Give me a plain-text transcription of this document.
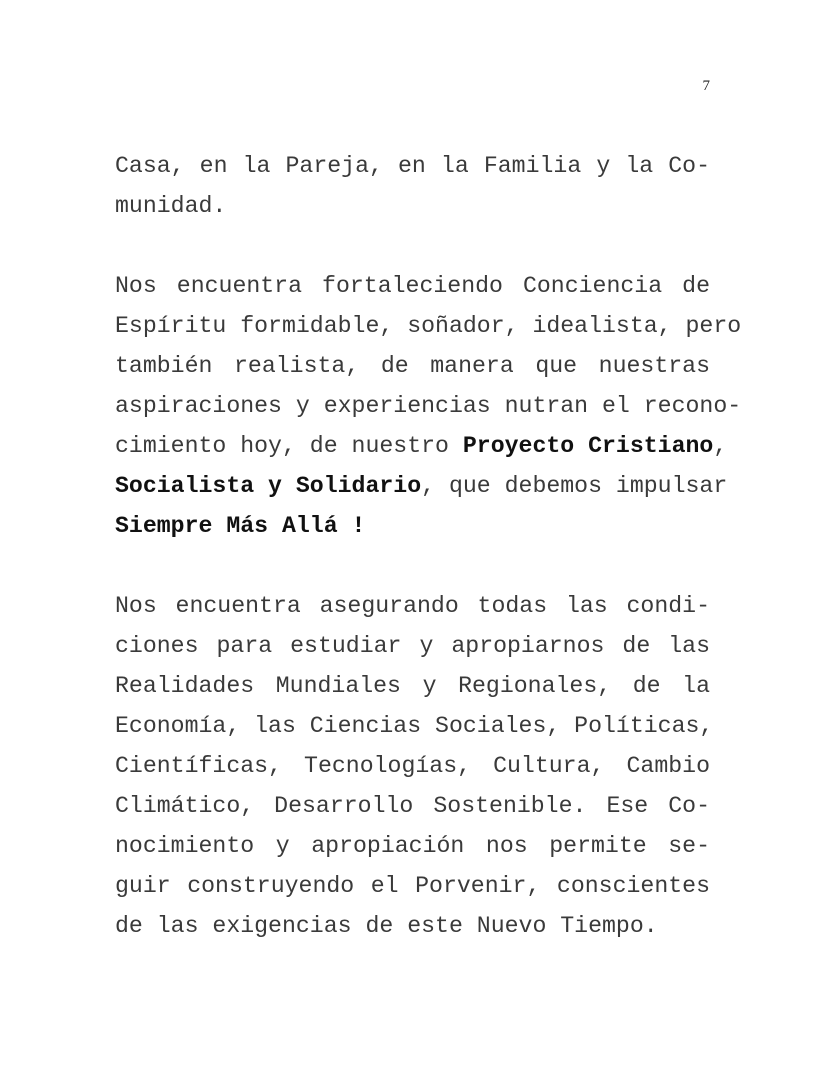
7
Casa, en la Pareja, en la Familia y la Co-
munidad.
Nos encuentra fortaleciendo Conciencia de
Espíritu formidable, soñador, idealista, pero
también realista, de manera que nuestras
aspiraciones y experiencias nutran el recono-
cimiento hoy, de nuestro Proyecto Cristiano,
Socialista y Solidario, que debemos impulsar
Siempre Más Allá !
Nos encuentra asegurando todas las condi-
ciones para estudiar y apropiarnos de las
Realidades Mundiales y Regionales, de la
Economía, las Ciencias Sociales, Políticas,
Científicas, Tecnologías, Cultura, Cambio
Climático, Desarrollo Sostenible. Ese Co-
nocimiento y apropiación nos permite se-
guir construyendo el Porvenir, conscientes
de las exigencias de este Nuevo Tiempo.
